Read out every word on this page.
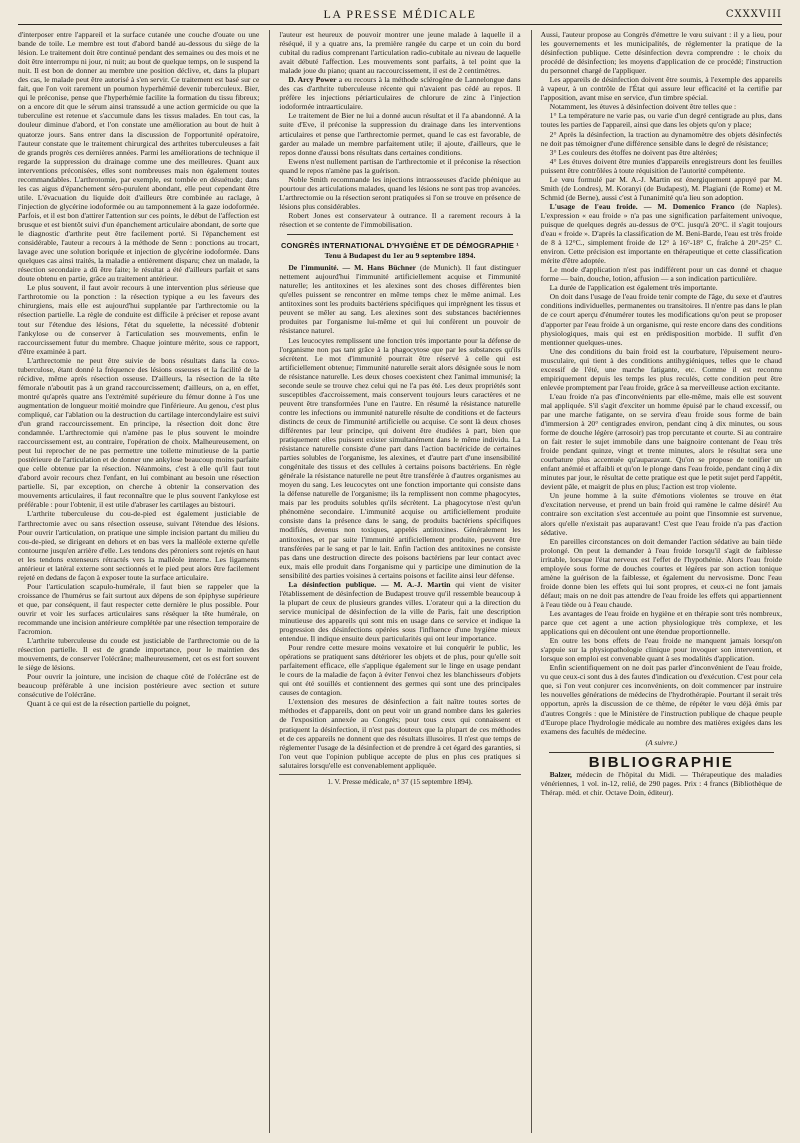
LA PRESSE MÉDICALE	CXXXVIII

d'interposer entre l'appareil et la surface cutanée une couche d'ouate ou une bande de toile. Le membre est tout d'abord bandé au-dessous du siège de la lésion. Le traitement doit être continué pendant des semaines ou des mois et ne doit être interrompu ni jour, ni nuit; au bout de quelque temps, on le suspend la nuit. Il est bon de donner au membre une position déclive, et, dans la plupart des cas, le malade peut être autorisé à s'en servir. Ce traitement est basé sur ce fait, que l'on voit rarement un poumon hyperhémié devenir tuberculeux. Bier, qui le préconise, pense que l'hyperhémie facilite la formation du tissu fibreux; on a encore dit que le sérum ainsi transsudé a une action germicide ou que la tuberculine est retenue et s'accumule dans les tissus malades. En tout cas, la douleur diminue d'abord, et l'on constate une amélioration au bout de huit à quatorze jours. Sans entrer dans la discussion de l'opportunité opératoire, l'auteur constate que le traitement chirurgical des arthrites tuberculeuses a fait de grands progrès ces dernières années. Parmi les améliorations de technique il regarde la suppression du drainage comme une des meilleures. Quant aux interventions préconisées, elles sont nombreuses mais non également toutes recommandables. L'arthrotomie, par exemple, est tombée en désuétude; dans les cas aigus d'épanchement séro-purulent abondant, elle peut cependant être utile. L'évacuation du liquide doit d'ailleurs être combinée au raclage, à l'injection de glycérine iodoformée ou au tamponnement à la gaze iodoformée. Parfois, et il est bon d'attirer l'attention sur ces points, le début de l'affection est brusque et est bientôt suivi d'un épanchement articulaire abondant, de sorte que le diagnostic d'arthrite peut être facilement porté. Si l'épanchement est considérable, l'auteur a recours à la méthode de Senn : ponctions au trocart, lavage avec une solution boriquée et injection de glycérine iodoformée. Dans quelques cas ainsi traités, la maladie a entièrement disparu; chez un malade, la résection secondaire a dû être faite; le résultat a été d'ailleurs parfait et sans doute obtenu en partie, grâce au traitement antérieur.

Le plus souvent, il faut avoir recours à une intervention plus sérieuse que l'arthrotomie ou la ponction : la résection typique a eu les faveurs des chirurgiens, mais elle est aujourd'hui supplantée par l'arthrectomie ou la résection partielle. La règle de conduite est difficile à préciser et repose avant tout sur l'étendue des lésions, l'état du squelette, la nécessité d'obtenir l'ankylose ou de conserver à l'articulation ses mouvements, enfin le raccourcissement futur du membre. Chaque jointure mérite, sous ce rapport, d'être examinée à part.

L'arthrectomie ne peut être suivie de bons résultats dans la coxo-tuberculose, étant donné la fréquence des lésions osseuses et la facilité de la récidive, même après résection osseuse. D'ailleurs, la résection de la tête fémorale n'aboutit pas à un grand raccourcissement; d'ailleurs, on a, en effet, montré qu'après quatre ans l'extrémité supérieure du fémur donne à l'os une augmentation de longueur moitié moindre que l'inférieure. Au genou, c'est plus compliqué, car l'ablation ou la destruction du cartilage intercondylaire est suivi d'un grand raccourcissement. En principe, la résection doit donc être condamnée. L'arthrectomie qui n'amène pas le plus souvent le moindre raccourcissement est, au contraire, l'opération de choix. Malheureusement, on peut lui reprocher de ne pas permettre une toilette minutieuse de la partie postérieure de l'articulation et de donner une ankylose beaucoup moins parfaite que celle obtenue par la résection. Néanmoins, c'est à elle qu'il faut tout d'abord avoir recours chez l'enfant, en lui combinant au besoin une résection partielle. Si, par exception, on cherche à obtenir la conservation des mouvements articulaires, il faut reconnaître que le plus souvent l'ankylose est préférable : pour l'obtenir, il est utile d'abraser les cartilages au bistouri.

L'arthrite tuberculeuse du cou-de-pied est également justiciable de l'arthrectomie avec ou sans résection osseuse, suivant l'étendue des lésions. Pour ouvrir l'articulation, on pratique une simple incision partant du milieu du cou-de-pied, se dirigeant en dehors et en bas vers la malléole externe qu'elle contourne jusqu'en arrière d'elle. Les tendons des péroniers sont rejetés en haut et les tendons extenseurs rétractés vers la malléole interne. Les ligaments antérieur et latéral externe sont sectionnés et le pied peut alors être facilement rejeté en dedans de façon à exposer toute la surface articulaire.

Pour l'articulation scapulo-humérale, il faut bien se rappeler que la croissance de l'humérus se fait surtout aux dépens de son épiphyse supérieure et que, par conséquent, il faut respecter cette dernière le plus possible. Pour ouvrir et voir les surfaces articulaires sans réséquer la tête humérale, on recommande une incision antérieure complétée par une résection temporaire de l'acromion.

L'arthrite tuberculeuse du coude est justiciable de l'arthrectomie ou de la résection partielle. Il est de grande importance, pour le maintien des mouvements, de conserver l'olécrâne; malheureusement, cet os est fort souvent le siège de lésions.

Pour ouvrir la jointure, une incision de chaque côté de l'olécrâne est de beaucoup préférable à une incision postérieure avec section et suture consécutive de l'olécrâne.

Quant à ce qui est de la résection partielle du poignet,

l'auteur est heureux de pouvoir montrer une jeune malade à laquelle il a réséqué, il y a quatre ans, la première rangée du carpe et un coin du bord cubital du radius comprenant l'articulation radio-cubitale au niveau de laquelle avait débuté l'affection. Les mouvements sont parfaits, à tel point que la malade joue du piano; quant au raccourcissement, il est de 2 centimètres.

D. Arcy Power a eu recours à la méthode sclérogène de Lannelongue dans des cas d'arthrite tuberculeuse récente qui n'avaient pas cédé au repos. Il préfère les injections périarticulaires de chlorure de zinc à l'injection iodoformée intraarticulaire.

Le traitement de Bier ne lui a donné aucun résultat et il l'a abandonné. A la suite d'Eve, il préconise la suppression du drainage dans les interventions articulaires et pense que l'arthrectomie permet, quand le cas est favorable, de garder au malade un membre parfaitement utile; il ajoute, d'ailleurs, que le repos donne d'aussi bons résultats dans certaines conditions.

Ewens n'est nullement partisan de l'arthrectomie et il préconise la résection quand le repos n'amène pas la guérison.

Noble Smith recommande les injections intraosseuses d'acide phénique au pourtour des articulations malades, quand les lésions ne sont pas trop avancées. L'arthrectomie ou la résection seront pratiquées si l'on se trouve en présence de lésions plus considérables.

Robert Jones est conservateur à outrance. Il a rarement recours à la résection et se contente de l'immobilisation.

CONGRÈS INTERNATIONAL D'HYGIÈNE ET DE DÉMOGRAPHIE ¹
Tenu à Budapest du 1er au 9 septembre 1894.

De l'immunité. — M. Hans Büchner (de Munich). Il faut distinguer nettement aujourd'hui l'immunité artificiellement acquise et l'immunité naturelle; les antitoxines et les alexines sont des choses différentes bien qu'elles puissent se rencontrer en même temps chez le même animal. Les antitoxines sont les produits bactériens spécifiques qui imprègnent les tissus et peuvent se mêler au sang. Les alexines sont des substances bactériennes produites par l'organisme lui-même et qui lui confèrent un pouvoir de résistance naturel.

Les leucocytes remplissent une fonction très importante pour la défense de l'organisme non pas tant grâce à la phagocytose que par les substances qu'ils sécrètent. Le mot d'immunité pourrait être réservé à celle qui est artificiellement obtenue; l'immunité naturelle serait alors désignée sous le nom de résistance naturelle. Les deux choses coexistent chez l'animal immunisé; la seconde seule se trouve chez celui qui ne l'a pas été. Les deux propriétés sont susceptibles d'accroissement, mais conservent toujours leurs caractères et ne peuvent être transformées l'une en l'autre. En résumé la résistance naturelle contre les infections ou immunité naturelle résulte de conditions et de facteurs distincts de ceux de l'immunité artificielle ou acquise. Ce sont là deux choses différentes par leur principe, qui doivent être étudiées à part, bien que pratiquement elles puissent exister simultanément dans le même individu. La résistance naturelle consiste d'une part dans l'action bactéricide de certaines parties solubles de l'organisme, les alexines, et d'autre part d'une insensibilité congénitale des tissus et des cellules à certains poisons bactériens. En règle générale la résistance naturelle ne peut être transférée à d'autres organismes au moyen du sang. Les leucocytes ont une fonction importante qui consiste dans la défense naturelle de l'organisme; ils la remplissent non comme phagocytes, mais par les produits solubles qu'ils sécrètent. La phagocytose n'est qu'un phénomène secondaire. L'immunité acquise ou artificiellement produite consiste dans la présence dans le sang, de produits bactériens spécifiques modifiés, devenus non toxiques, appelés antitoxines. Généralement les antitoxines, et par suite l'immunité artificiellement produite, peuvent être transférées par le sang et par le lait. Enfin l'action des antitoxines ne consiste pas dans une destruction directe des poisons bactériens par leur contact avec eux, mais elle produit dans l'organisme qui y participe une diminution de la sensibilité des parties voisines à certains poisons et facilite ainsi leur défense.

La désinfection publique. — M. A.-J. Martin qui vient de visiter l'établissement de désinfection de Budapest trouve qu'il ressemble beaucoup à la plupart de ceux de plusieurs grandes villes. L'orateur qui a la direction du service municipal de désinfection de la ville de Paris, fait une description minutieuse des appareils qui sont mis en usage dans ce service et indique la progression des désinfections opérées sous l'influence d'une hygiène mieux entendue. Il indique ensuite deux particularités qui ont leur importance.

Pour rendre cette mesure moins vexatoire et lui conquérir le public, les opérations se pratiquent sans détériorer les objets et de plus, pour qu'elle soit parfaitement efficace, elle s'applique également sur le linge en usage pendant le cours de la maladie de façon à éviter l'envoi chez les blanchisseurs d'objets qui ont été souillés et contiennent des germes qui sont une des principales causes de contagion.

L'extension des mesures de désinfection a fait naître toutes sortes de méthodes et d'appareils, dont on peut voir un grand nombre dans les galeries de l'exposition annexée au Congrès; pour tous ceux qui connaissent et pratiquent la désinfection, il n'est pas douteux que la plupart de ces méthodes et de ces appareils ne donnent que des résultats illusoires. Il n'est que temps de réglementer l'usage de la désinfection et de prendre à cet égard des garanties, si l'on veut que l'opinion publique accepte de plus en plus ces pratiques si salutaires lorsqu'elle est convenablement appliquée.

1. V. Presse médicale, n° 37 (15 septembre 1894).

Aussi, l'auteur propose au Congrès d'émettre le vœu suivant : il y a lieu, pour les gouvernements et les municipalités, de réglementer la pratique de la désinfection publique. Cette désinfection devra comprendre : le choix du procédé de désinfection; les moyens d'application de ce procédé; l'instruction du personnel chargé de l'appliquer.

Les appareils de désinfection doivent être soumis, à l'exemple des appareils à vapeur, à un contrôle de l'État qui assure leur efficacité et la certifie par l'apposition, avant mise en service, d'un timbre spécial.

Notamment, les étuves à désinfection doivent être telles que :

1° La température ne varie pas, ou varie d'un degré centigrade au plus, dans toutes les parties de l'appareil, ainsi que dans les objets qu'on y place;

2° Après la désinfection, la traction au dynamomètre des objets désinfectés ne doit pas témoigner d'une différence sensible dans le degré de résistance;

3° Les couleurs des étoffes ne doivent pas être altérées;

4° Les étuves doivent être munies d'appareils enregistreurs dont les feuilles puissent être contrôlées à toute réquisition de l'autorité compétente.

Le vœu formulé par M. A.-J. Martin est énergiquement appuyé par M. Smith (de Londres), M. Koranyi (de Budapest), M. Plagiani (de Rome) et M. Schmid (de Berne), aussi c'est à l'unanimité qu'a lieu son adoption.

L'usage de l'eau froide. — M. Domenico Franco (de Naples). L'expression « eau froide » n'a pas une signification parfaitement univoque, puisque de quelques degrés au-dessus de 0°C. jusqu'à 20°C. il s'agit toujours d'eau « froide ». D'après la classification de M. Beni-Barde, l'eau est très froide de 8 à 12°C., simplement froide de 12° à 16°-18° C, fraîche à 20°-25° C. environ. Cette précision est importante en thérapeutique et cette classification mérite d'être adoptée.

Le mode d'application n'est pas indifférent pour un cas donné et chaque forme — bain, douche, lotion, affusion — a son indication particulière.

La durée de l'application est également très importante.

On doit dans l'usage de l'eau froide tenir compte de l'âge, du sexe et d'autres conditions individuelles, permanentes ou transitoires. Il n'entre pas dans le plan de ce court aperçu d'énumérer toutes les modifications qu'on peut se proposer d'apporter par l'eau froide à un organisme, qui reste encore dans des conditions physiologiques, mais qui est en prédisposition morbide. Il suffit d'en mentionner quelques-unes.

Une des conditions du bain froid est la courbature, l'épuisement neuro-musculaire, qui tient à des conditions antihygiéniques, telles que le chaud excessif de l'été, une marche fatigante, etc. Comme il est reconnu empiriquement depuis les temps les plus reculés, cette condition peut être enlevée promptement par l'eau froide, grâce à sa merveilleuse action excitante.

L'eau froide n'a pas d'inconvénients par elle-même, mais elle est souvent mal appliquée. S'il s'agit d'exciter un homme épuisé par le chaud excessif, ou par une marche fatigante, on se servira d'eau froide sous forme de bain d'immersion à 20° centigrades environ, pendant cinq à dix minutes, ou sous forme de douche légère (arrosoir) pas trop percutante et courte. Si au contraire on fait rester le sujet immobile dans une baignoire contenant de l'eau très froide pendant quinze, vingt et trente minutes, alors le résultat sera une courbature plus accentuée qu'auparavant. Qu'on se propose de tonifier un enfant anémié et affaibli et qu'on le plonge dans l'eau froide, pendant cinq à dix minutes par jour, le résultat de cette pratique est que le petit sujet perd l'appétit, devient pâle, et maigrit de plus en plus; l'action est trop violente.

Un jeune homme à la suite d'émotions violentes se trouve en état d'excitation nerveuse, et prend un bain froid qui ramène le calme désiré! Au contraire son excitation s'est accentuée au point que l'insomnie est survenue, alors qu'elle n'existait pas auparavant! C'est que l'eau froide n'a pas d'action sédative.

En pareilles circonstances on doit demander l'action sédative au bain tiède prolongé. On peut la demander à l'eau froide lorsqu'il s'agit de faiblesse irritable, lorsque l'état nerveux est l'effet de l'hypothénie. Alors l'eau froide employée sous forme de douches courtes et légères par son action tonique amène la guérison de la faiblesse, et également du nervosisme. Donc l'eau froide donne bien les effets qui lui sont propres, et ceux-ci ne font jamais défaut; mais on ne doit pas attendre de l'eau froide les effets qui appartiennent à l'eau tiède ou à l'eau chaude.

Les avantages de l'eau froide en hygiène et en thérapie sont très nombreux, parce que cet agent a une action physiologique très complexe, et les applications qui en découlent ont une étendue proportionnelle.

En outre les bons effets de l'eau froide ne manquent jamais lorsqu'on s'appuie sur la physiopathologie clinique pour invoquer son intervention, et lorsque son emploi est convenable quant à ses modalités d'application.

Enfin scientifiquement on ne doit pas parler d'inconvénient de l'eau froide, vu que ceux-ci sont dus à des fautes d'indication ou d'exécution. C'est pour cela que, si l'on veut conjurer ces inconvénients, on doit commencer par instruire les nouvelles générations de médecins de l'hydrothérapie. Pourtant il serait très opportun, après la discussion de ce thème, de répéter le vœu déjà émis par d'autres Congrès : que le Ministère de l'instruction publique de chaque peuple d'Europe place l'hydrologie médicale au nombre des matières exigées dans les examens des facultés de médecine.

(A suivre.)
BIBLIOGRAPHIE

Balzer, médecin de l'hôpital du Midi. — Thérapeutique des maladies vénériennes, 1 vol. in-12, relié, de 290 pages. Prix : 4 francs (Bibliothèque de Thérap. méd. et chir. Octave Doin, éditeur).
